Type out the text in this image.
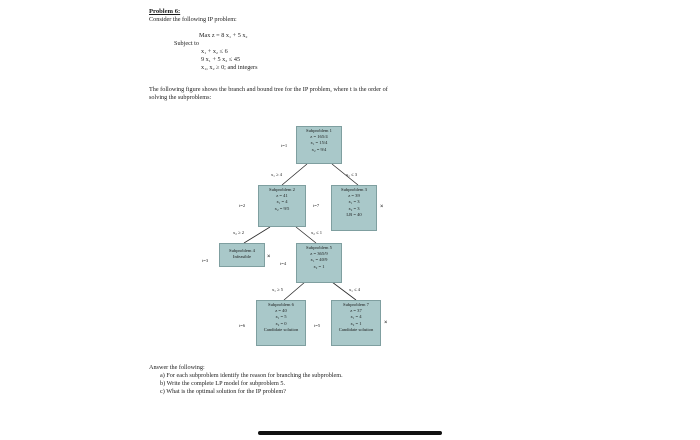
Problem 6:
Consider the following IP problem:
Max z = 8 x₁ + 5 x₂
Subject to
x₁ + x₂ ≤ 6
9 x₁ + 5 x₂ ≤ 45
x₁, x₂ ≥ 0; and integers
The following figure shows the branch and bound tree for the IP problem, where t is the order of
solving the subproblems:
Subproblem 1
z = 165/4
x₁ = 15/4
x₂ = 9/4
t=1
x₁ ≥ 4	x₁ ≤ 3
Subproblem 2
z = 41
x₁ = 4
x₂ = 9/5
t=2
Subproblem 3
z = 39
x₁ = 3
x₂ = 3
LB = 40
t=7	×
x₂ ≥ 2	x₂ ≤ 1
Subproblem 4
Infeasible
t=3
×
Subproblem 5
z = 365/9
x₁ = 40/9
x₂ = 1
t=4
x₁ ≥ 5	x₁ ≤ 4
Subproblem 6
z = 40
x₁ = 5
x₂ = 0
Candidate solution
t=6
Subproblem 7
z = 37
x₁ = 4
x₂ = 1
Candidate solution
t=5	×
Answer the following:
a) For each subproblem identify the reason for branching the subproblem.
b) Write the complete LP model for subproblem 5.
c) What is the optimal solution for the IP problem?
